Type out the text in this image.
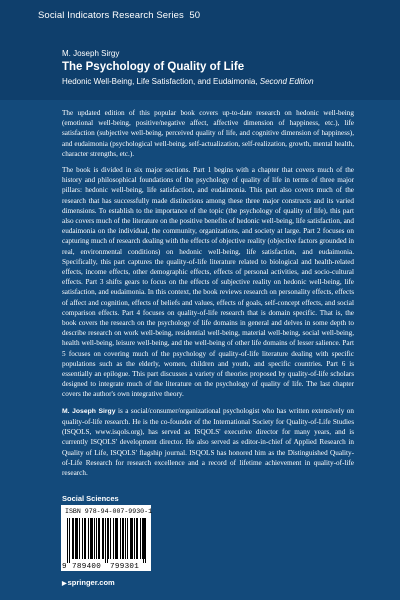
Social Indicators Research Series 50
M. Joseph Sirgy
The Psychology of Quality of Life
Hedonic Well-Being, Life Satisfaction, and Eudaimonia, Second Edition

The updated edition of this popular book covers up-to-date research on hedonic well-being (emotional well-being, positive/negative affect, affective dimension of happiness, etc.), life satisfaction (subjective well-being, perceived quality of life, and cognitive dimension of happiness), and eudaimonia (psychological well-being, self-actualization, self-realization, growth, mental health, character strengths, etc.).

The book is divided in six major sections. Part 1 begins with a chapter that covers much of the history and philosophical foundations of the psychology of quality of life in terms of three major pillars: hedonic well-being, life satisfaction, and eudaimonia. This part also covers much of the research that has successfully made distinctions among these three major constructs and its varied dimensions. To establish to the importance of the topic (the psychology of quality of life), this part also covers much of the literature on the positive benefits of hedonic well-being, life satisfaction, and eudaimonia on the individual, the community, organizations, and society at large. Part 2 focuses on capturing much of research dealing with the effects of objective reality (objective factors grounded in real, environmental conditions) on hedonic well-being, life satisfaction, and eudaimonia. Specifically, this part captures the quality-of-life literature related to biological and health-related effects, income effects, other demographic effects, effects of personal activities, and socio-cultural effects. Part 3 shifts gears to focus on the effects of subjective reality on hedonic well-being, life satisfaction, and eudaimonia. In this context, the book reviews research on personality effects, effects of affect and cognition, effects of beliefs and values, effects of goals, self-concept effects, and social comparison effects. Part 4 focuses on quality-of-life research that is domain specific. That is, the book covers the research on the psychology of life domains in general and delves in some depth to describe research on work well-being, residential well-being, material well-being, social well-being, health well-being, leisure well-being, and the well-being of other life domains of lesser salience. Part 5 focuses on covering much of the psychology of quality-of-life literature dealing with specific populations such as the elderly, women, children and youth, and specific countries. Part 6 is essentially an epilogue. This part discusses a variety of theories proposed by quality-of-life scholars designed to integrate much of the literature on the psychology of quality of life. The last chapter covers the author's own integrative theory.

M. Joseph Sirgy is a social/consumer/organizational psychologist who has written extensively on quality-of-life research. He is the co-founder of the International Society for Quality-of-Life Studies (ISQOLS, www.isqols.org), has served as ISQOLS' executive director for many years, and is currently ISQOLS' development director. He also served as editor-in-chief of Applied Research in Quality of Life, ISQOLS' flagship journal. ISQOLS has honored him as the Distinguished Quality-of-Life Research for research excellence and a record of lifetime achievement in quality-of-life research.

Social Sciences
ISBN 978-94-007-9930-1
9 789400 799301
▶springer.com
